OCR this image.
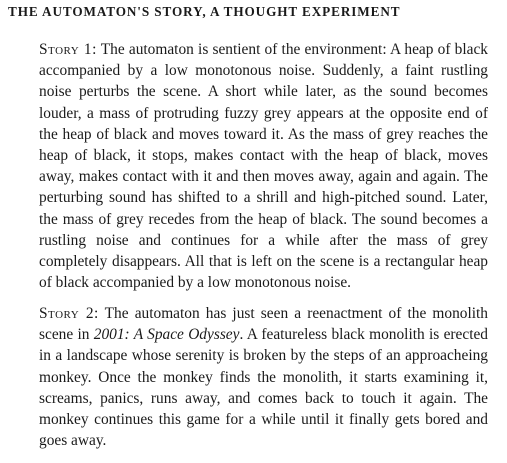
THE AUTOMATON'S STORY, A THOUGHT EXPERIMENT

Story 1: The automaton is sentient of the environment: A heap of black accompanied by a low monotonous noise. Suddenly, a faint rustling noise perturbs the scene. A short while later, as the sound becomes louder, a mass of protruding fuzzy grey appears at the opposite end of the heap of black and moves toward it. As the mass of grey reaches the heap of black, it stops, makes contact with the heap of black, moves away, makes contact with it and then moves away, again and again. The perturbing sound has shifted to a shrill and high-pitched sound. Later, the mass of grey recedes from the heap of black. The sound becomes a rustling noise and continues for a while after the mass of grey completely disappears. All that is left on the scene is a rectangular heap of black accompanied by a low monotonous noise.

Story 2: The automaton has just seen a reenactment of the monolith scene in 2001: A Space Odyssey. A featureless black monolith is erected in a landscape whose serenity is broken by the steps of an approacheing monkey. Once the monkey finds the monolith, it starts examining it, screams, panics, runs away, and comes back to touch it again. The monkey continues this game for a while until it finally gets bored and goes away.
